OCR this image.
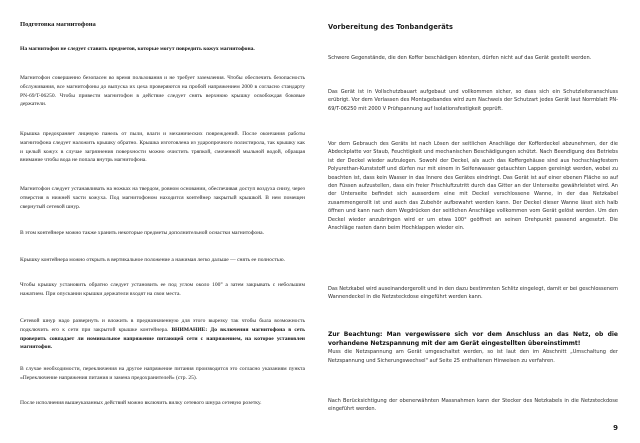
Подготовка магнитофона

На магнитофон не следует ставить предметов, которые могут повредить кожух магнитофона.

Магнитофон совершенно безопасен во время пользования и не требует заземления. Чтобы обеспечить безопасность обслуживания, все магнитофоны до выпуска их цеха проверяются на пробой напряжением 2000 в согласно стандарту PN-69/T-06250. Чтобы привести магнитофон в действие следует снять верхнюю крышку освобождая боковые держатели.

Крышка предохраняет лицевую панель от пыли, влаги и механических повреждений. После окончания работы магнитофона следует наложить крышку обратно. Крышка изготовлена из ударопрочного полистирола, так крышку как и целый кожух в случае загрязнения поверхности можно очистить тряпкой, смоченной мыльной водой, обращая внимание чтобы вода не попала внутрь магнитофона.

Магнитофон следует устанавливать на ножках на твердом, ровном основании, обеспечивая доступ воздуха снизу, через отверстия в нижней части кожуха. Под магнитофоном находится контейнер закрытый крышкой. В нем помещен свернутый сетевой шнур.

В этом контейнере можно также хранить некоторые предметы дополнительной оснастки магнитофона.

Крышку контейнера можно открыть в вертикальное положение а нажимая легко дальше — снять ее полностью.

Чтобы крышку установить обратно следует установить ее под углом около 100° а затем закрывать с небольшим нажатием. При опускании крышки держатели входят на свои места.

Сетевой шнур надо развернуть и вложить в предназначенную для этого вырезку так чтобы была возможность подключить его к сети при закрытой крышке контейнера. ВНИМАНИЕ: До включения магнитофона в сеть проверить совпадает ли номинальное напряжение питающей сети с напряжением, на которое установлен магнитофон.

В случае необходимости, переключения на другое напряжение питания производится это согласно указаниям пункта «Переключение напряжения питания и замена предохранителей» (стр. 25).

После исполнения вышеуказанных действий можно включить вилку сетевого шнура сетевую розетку.

Vorbereitung des Tonbandgeräts

Schwere Gegenstände, die den Koffer beschädigen könnten, dürfen nicht auf das Gerät gestellt werden.

Das Gerät ist in Vollschutzbauart aufgebaut und vollkommen sicher, so dass sich ein Schutzleiteranschluss erübrigt. Vor dem Verlassen des Montagebandes wird zum Nachweis der Schutzart jedes Gerät laut Normblatt PN-69/T-06250 mit 2000 V Prüfspannung auf Isolationsfestigkeit geprüft.

Vor dem Gebrauch des Geräts ist nach Lösen der seitlichen Anschläge der Kofferdeckel abzunehmen, der die Abdeckplatte vor Staub, Feuchtigkeit und mechanischen Beschädigungen schützt. Nach Beendigung des Betriebs ist der Deckel wieder aufzulegen. Sowohl der Deckel, als auch das Koffergehäuse sind aus hochschlagfestem Polyurethan-Kunststoff und dürfen nur mit einem in Seifenwasser getauchten Lappen gereinigt werden, wobei zu beachten ist, dass kein Wasser in das Innere des Gerätes eindringt. Das Gerät ist auf einer ebenen Fläche so auf den Füssen aufzustellen, dass ein freier Frischluftzutritt durch das Gitter an der Unterseite gewährleistet wird. An der Unterseite befindet sich ausserdem eine mit Deckel verschlossene Wanne, in der das Netzkabel zusammengerollt ist und auch das Zubehör aufbewahrt werden kann. Der Deckel dieser Wanne lässt sich halb öffnen und kann nach dem Wegdrücken der seitlichen Anschläge vollkommen vom Gerät gelöst werden. Um den Deckel wieder anzubringen wird er um etwa 100° geöffnet an seinen Drehpunkt passend angesetzt. Die Anschläge rasten dann beim Hochklappen wieder ein.

Das Netzkabel wird auseinandergerollt und in den dazu bestimmten Schlitz eingelegt, damit er bei geschlossenem Wannendeckel in die Netzsteckdose eingeführt werden kann.

Zur Beachtung: Man vergewissere sich vor dem Anschluss an das Netz, ob die vorhandene Netzspannung mit der am Gerät eingestellten übereinstimmt!
Muss die Netzspannung am Gerät umgeschaltet werden, so ist laut den im Abschnitt „Umschaltung der Netzspannung und Sicherungswechsel" auf Seite 25 enthaltenen Hinweisen zu verfahren.

Nach Berücksichtigung der obenerwähnten Massnahmen kann der Stecker des Netzkabels in die Netzsteckdose eingeführt werden.

9
